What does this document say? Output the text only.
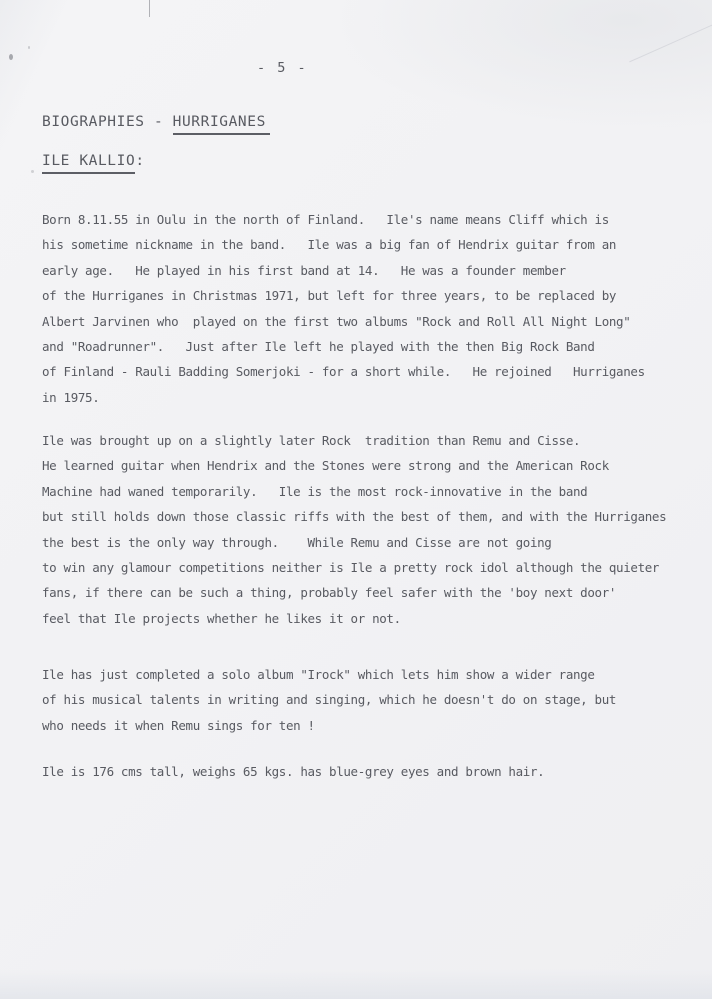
- 5 -
BIOGRAPHIES - HURRIGANES
ILE KALLIO:
Born 8.11.55 in Oulu in the north of Finland.   Ile's name means Cliff which is
his sometime nickname in the band.   Ile was a big fan of Hendrix guitar from an
early age.   He played in his first band at 14.   He was a founder member
of the Hurriganes in Christmas 1971, but left for three years, to be replaced by
Albert Jarvinen who  played on the first two albums "Rock and Roll All Night Long"
and "Roadrunner".   Just after Ile left he played with the then Big Rock Band
of Finland - Rauli Badding Somerjoki - for a short while.   He rejoined   Hurriganes
in 1975.
Ile was brought up on a slightly later Rock  tradition than Remu and Cisse.
He learned guitar when Hendrix and the Stones were strong and the American Rock
Machine had waned temporarily.   Ile is the most rock-innovative in the band
but still holds down those classic riffs with the best of them, and with the Hurriganes
the best is the only way through.    While Remu and Cisse are not going
to win any glamour competitions neither is Ile a pretty rock idol although the quieter
fans, if there can be such a thing, probably feel safer with the 'boy next door'
feel that Ile projects whether he likes it or not.
Ile has just completed a solo album "Irock" which lets him show a wider range
of his musical talents in writing and singing, which he doesn't do on stage, but
who needs it when Remu sings for ten !
Ile is 176 cms tall, weighs 65 kgs. has blue-grey eyes and brown hair.
